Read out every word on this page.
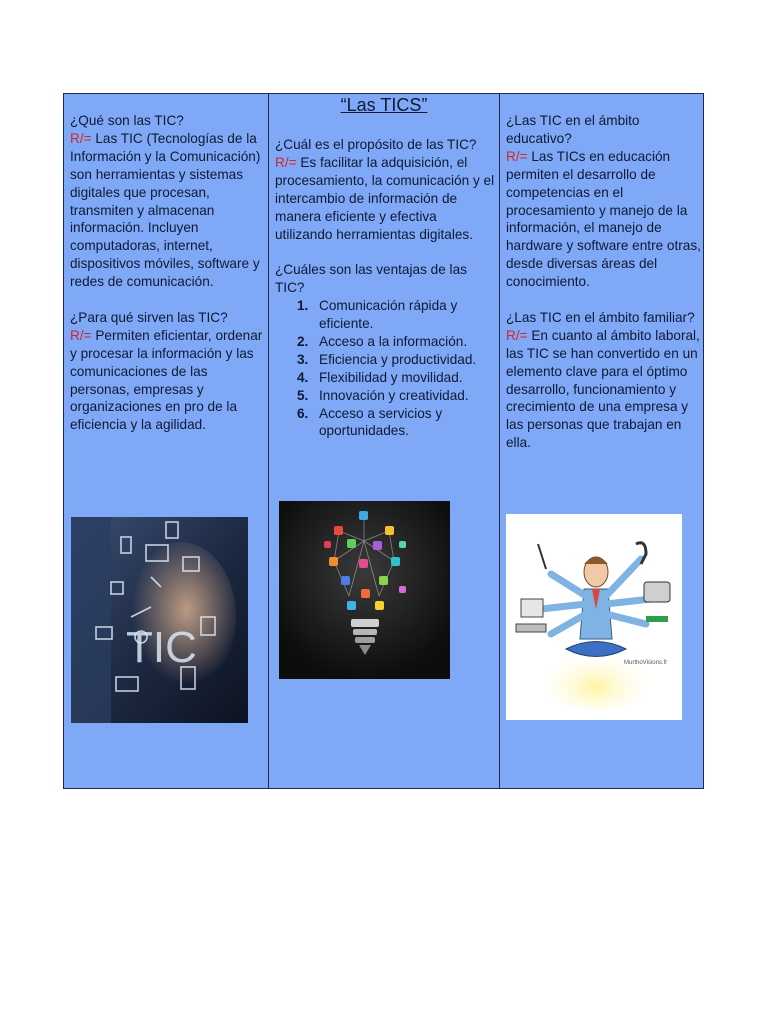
¿Qué son las TIC?

R/= Las TIC (Tecnologías de la Información y la Comunicación) son herramientas y sistemas digitales que procesan, transmiten y almacenan información. Incluyen computadoras, internet, dispositivos móviles, software y redes de comunicación.

¿Para qué sirven las TIC?

R/= Permiten eficientar, ordenar y procesar la información y las comunicaciones de las personas, empresas y organizaciones en pro de la eficiencia y la agilidad.

TIC
“Las TICS”

¿Cuál es el propósito de las TIC?

R/= Es facilitar la adquisición, el procesamiento, la comunicación y el intercambio de información de manera eficiente y efectiva utilizando herramientas digitales.

¿Cuáles son las ventajas de las TIC?

1. Comunicación rápida y eficiente.
2. Acceso a la información.
3. Eficiencia y productividad.
4. Flexibilidad y movilidad.
5. Innovación y creatividad.
6. Acceso a servicios y oportunidades.

¿Las TIC en el ámbito educativo?

R/= Las TICs en educación permiten el desarrollo de competencias en el procesamiento y manejo de la información, el manejo de hardware y software entre otras, desde diversas áreas del conocimiento.

¿Las TIC en el ámbito familiar?

R/= En cuanto al ámbito laboral, las TIC se han convertido en un elemento clave para el óptimo desarrollo, funcionamiento y crecimiento de una empresa y las personas que trabajan en ella.

MurthoVisions.fr
